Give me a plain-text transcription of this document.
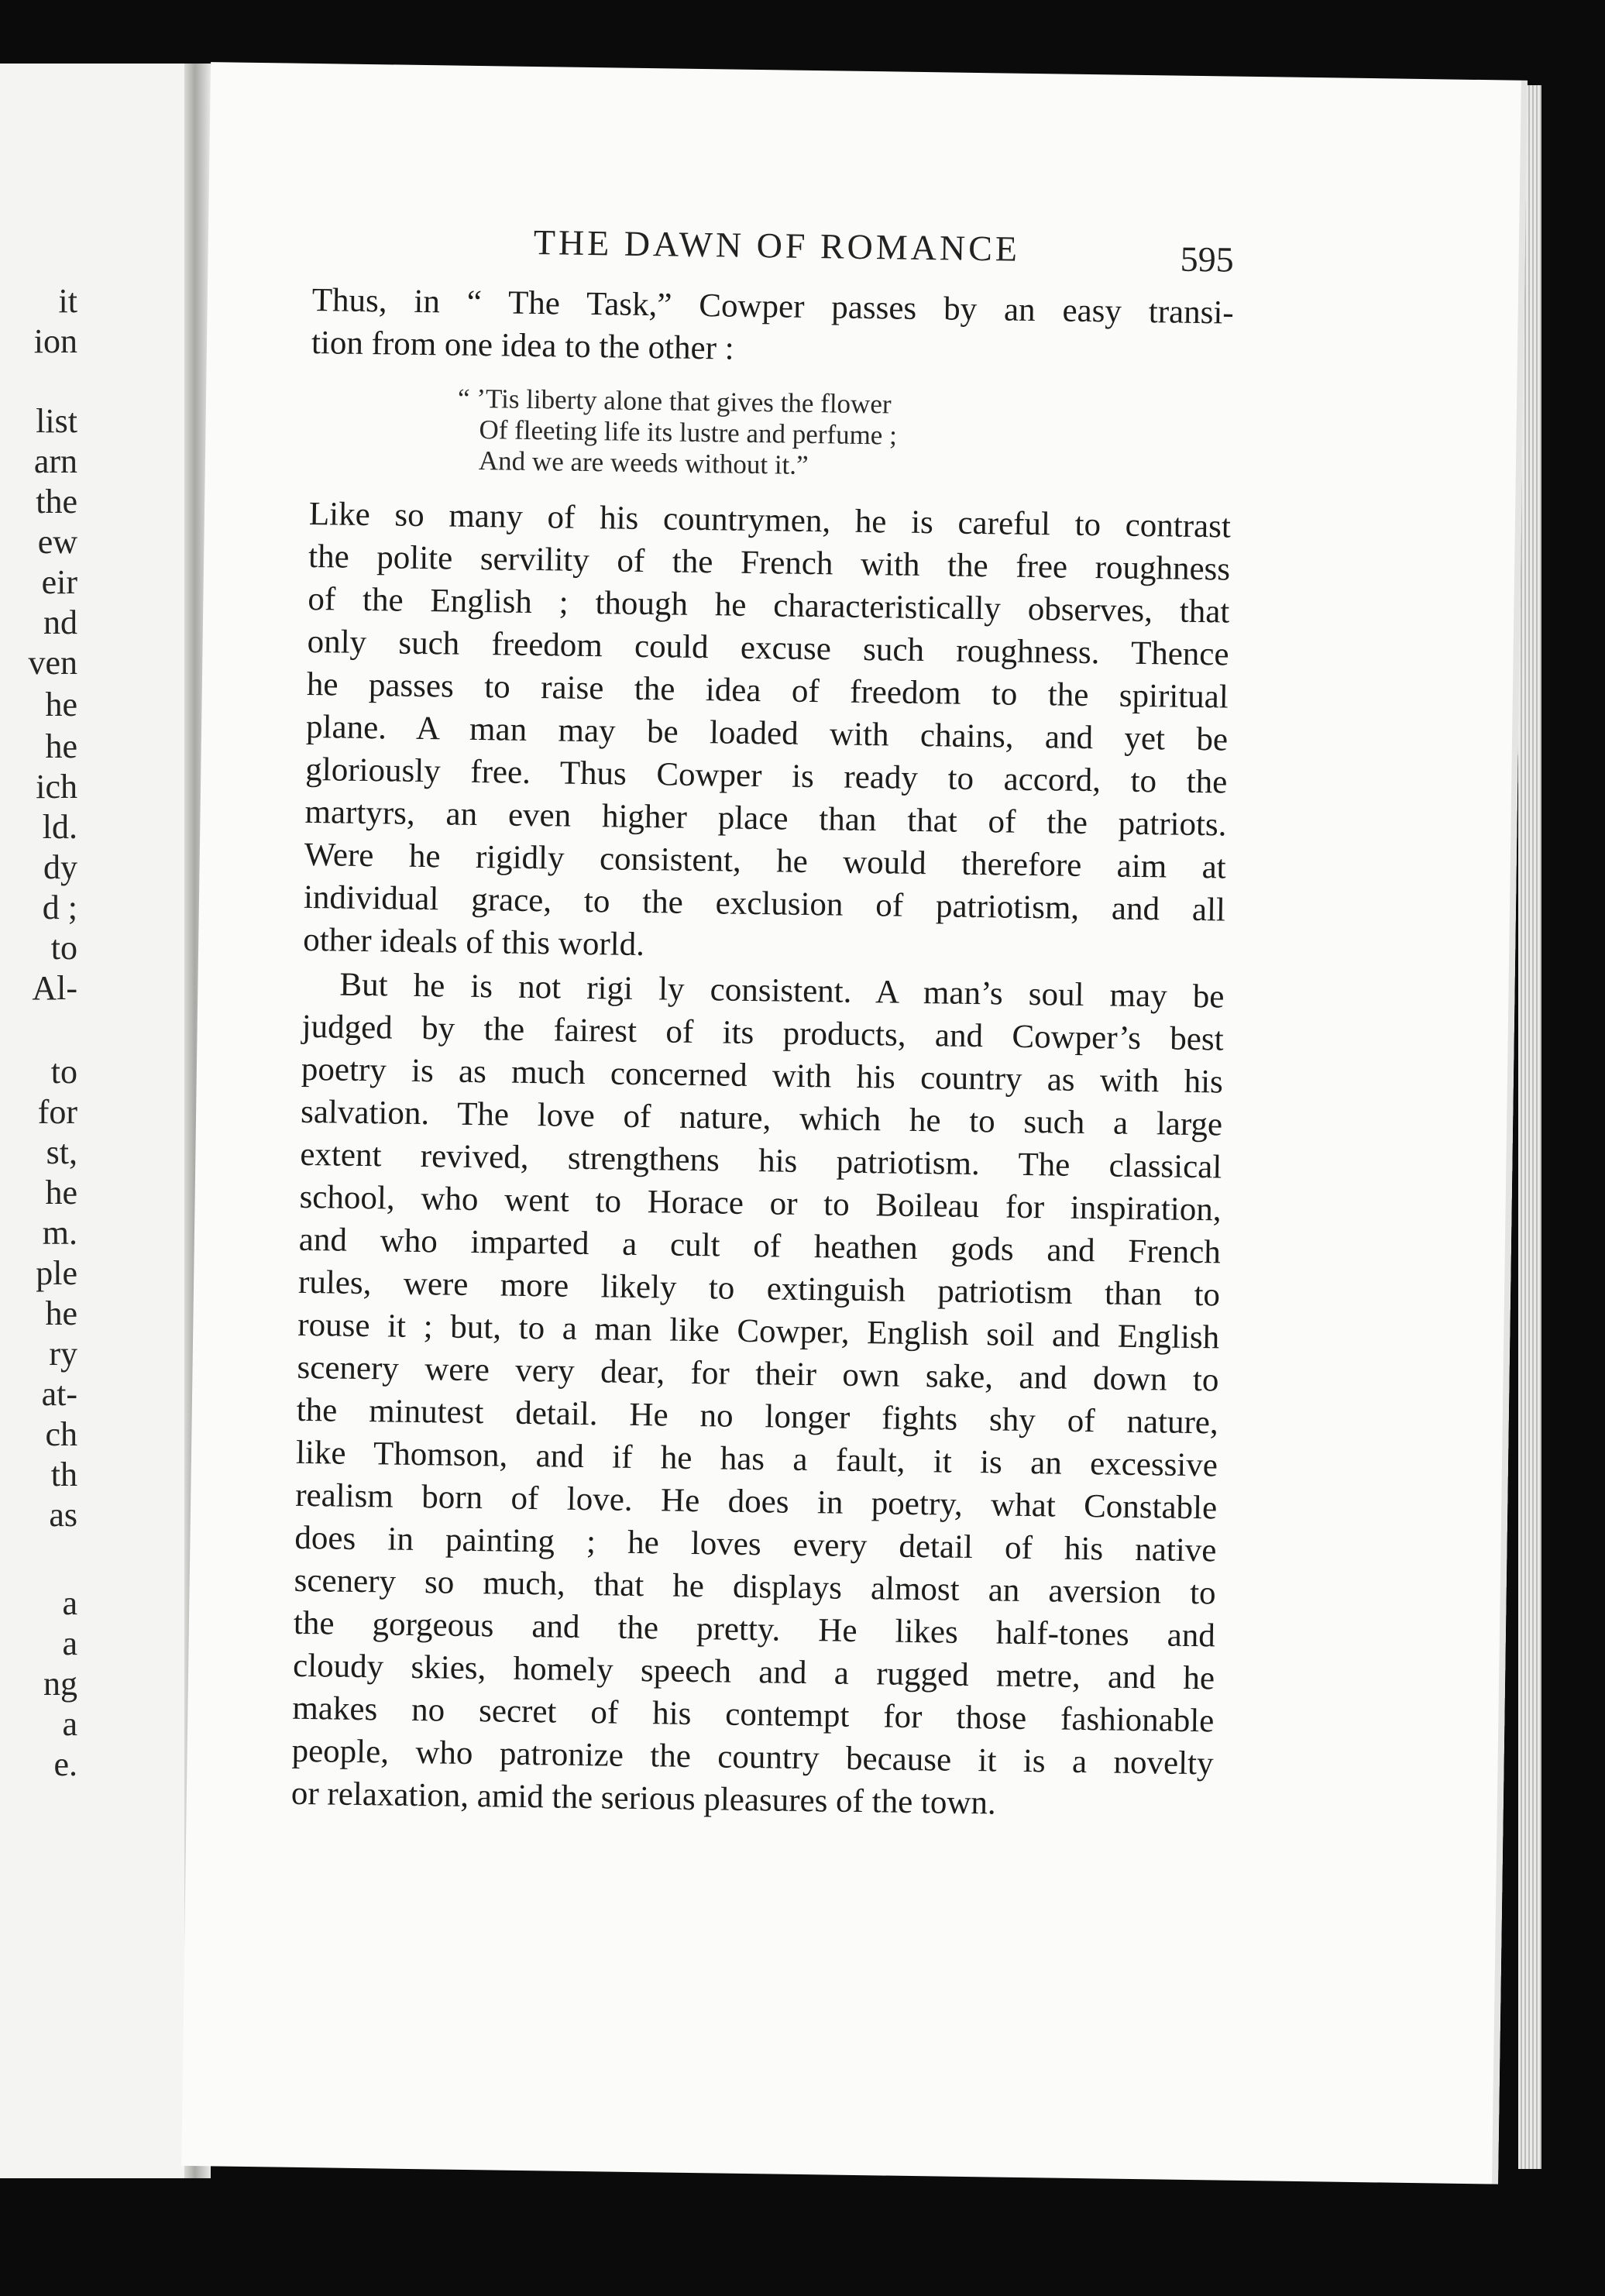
it
ion
list
arn
the
ew
eir
nd
ven
he
he
ich
ld.
dy
d ;
to
Al-
to
for
st,
he
m.
ple
he
ry
at-
ch
th
as
a
a
ng
a
e.
THE DAWN OF ROMANCE	595
Thus, in “ The Task,” Cowper passes by an easy transi-
tion from one idea to the other :
“ ’Tis liberty alone that gives the flower
Of fleeting life its lustre and perfume ;
And we are weeds without it.”
Like so many of his countrymen, he is careful to contrast
the polite servility of the French with the free roughness
of the English ; though he characteristically observes, that
only such freedom could excuse such roughness. Thence
he passes to raise the idea of freedom to the spiritual
plane. A man may be loaded with chains, and yet be
gloriously free. Thus Cowper is ready to accord, to the
martyrs, an even higher place than that of the patriots.
Were he rigidly consistent, he would therefore aim at
individual grace, to the exclusion of patriotism, and all
other ideals of this world.
But he is not rigi ly consistent. A man’s soul may be
judged by the fairest of its products, and Cowper’s best
poetry is as much concerned with his country as with his
salvation. The love of nature, which he to such a large
extent revived, strengthens his patriotism. The classical
school, who went to Horace or to Boileau for inspiration,
and who imparted a cult of heathen gods and French
rules, were more likely to extinguish patriotism than to
rouse it ; but, to a man like Cowper, English soil and English
scenery were very dear, for their own sake, and down to
the minutest detail. He no longer fights shy of nature,
like Thomson, and if he has a fault, it is an excessive
realism born of love. He does in poetry, what Constable
does in painting ; he loves every detail of his native
scenery so much, that he displays almost an aversion to
the gorgeous and the pretty. He likes half-tones and
cloudy skies, homely speech and a rugged metre, and he
makes no secret of his contempt for those fashionable
people, who patronize the country because it is a novelty
or relaxation, amid the serious pleasures of the town.
